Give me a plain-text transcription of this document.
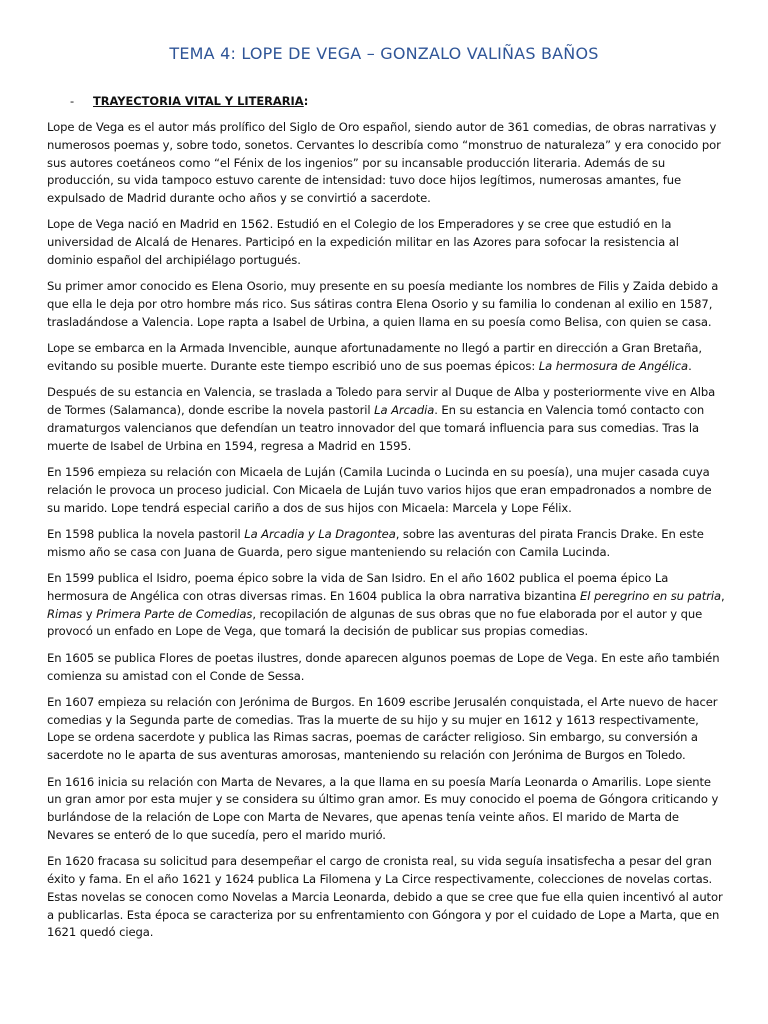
TEMA 4: LOPE DE VEGA – GONZALO VALIÑAS BAÑOS
- TRAYECTORIA VITAL Y LITERARIA:

Lope de Vega es el autor más prolífico del Siglo de Oro español, siendo autor de 361 comedias, de obras narrativas y numerosos poemas y, sobre todo, sonetos. Cervantes lo describía como “monstruo de naturaleza” y era conocido por sus autores coetáneos como “el Fénix de los ingenios” por su incansable producción literaria. Además de su producción, su vida tampoco estuvo carente de intensidad: tuvo doce hijos legítimos, numerosas amantes, fue expulsado de Madrid durante ocho años y se convirtió a sacerdote.

Lope de Vega nació en Madrid en 1562. Estudió en el Colegio de los Emperadores y se cree que estudió en la universidad de Alcalá de Henares. Participó en la expedición militar en las Azores para sofocar la resistencia al dominio español del archipiélago portugués.

Su primer amor conocido es Elena Osorio, muy presente en su poesía mediante los nombres de Filis y Zaida debido a que ella le deja por otro hombre más rico. Sus sátiras contra Elena Osorio y su familia lo condenan al exilio en 1587, trasladándose a Valencia. Lope rapta a Isabel de Urbina, a quien llama en su poesía como Belisa, con quien se casa.

Lope se embarca en la Armada Invencible, aunque afortunadamente no llegó a partir en dirección a Gran Bretaña, evitando su posible muerte. Durante este tiempo escribió uno de sus poemas épicos: La hermosura de Angélica.

Después de su estancia en Valencia, se traslada a Toledo para servir al Duque de Alba y posteriormente vive en Alba de Tormes (Salamanca), donde escribe la novela pastoril La Arcadia. En su estancia en Valencia tomó contacto con dramaturgos valencianos que defendían un teatro innovador del que tomará influencia para sus comedias. Tras la muerte de Isabel de Urbina en 1594, regresa a Madrid en 1595.

En 1596 empieza su relación con Micaela de Luján (Camila Lucinda o Lucinda en su poesía), una mujer casada cuya relación le provoca un proceso judicial. Con Micaela de Luján tuvo varios hijos que eran empadronados a nombre de su marido. Lope tendrá especial cariño a dos de sus hijos con Micaela: Marcela y Lope Félix.

En 1598 publica la novela pastoril La Arcadia y La Dragontea, sobre las aventuras del pirata Francis Drake. En este mismo año se casa con Juana de Guarda, pero sigue manteniendo su relación con Camila Lucinda.

En 1599 publica el Isidro, poema épico sobre la vida de San Isidro. En el año 1602 publica el poema épico La hermosura de Angélica con otras diversas rimas. En 1604 publica la obra narrativa bizantina El peregrino en su patria, Rimas y Primera Parte de Comedias, recopilación de algunas de sus obras que no fue elaborada por el autor y que provocó un enfado en Lope de Vega, que tomará la decisión de publicar sus propias comedias.

En 1605 se publica Flores de poetas ilustres, donde aparecen algunos poemas de Lope de Vega. En este año también comienza su amistad con el Conde de Sessa.

En 1607 empieza su relación con Jerónima de Burgos. En 1609 escribe Jerusalén conquistada, el Arte nuevo de hacer comedias y la Segunda parte de comedias. Tras la muerte de su hijo y su mujer en 1612 y 1613 respectivamente, Lope se ordena sacerdote y publica las Rimas sacras, poemas de carácter religioso. Sin embargo, su conversión a sacerdote no le aparta de sus aventuras amorosas, manteniendo su relación con Jerónima de Burgos en Toledo.

En 1616 inicia su relación con Marta de Nevares, a la que llama en su poesía María Leonarda o Amarilis. Lope siente un gran amor por esta mujer y se considera su último gran amor. Es muy conocido el poema de Góngora criticando y burlándose de la relación de Lope con Marta de Nevares, que apenas tenía veinte años. El marido de Marta de Nevares se enteró de lo que sucedía, pero el marido murió.

En 1620 fracasa su solicitud para desempeñar el cargo de cronista real, su vida seguía insatisfecha a pesar del gran éxito y fama. En el año 1621 y 1624 publica La Filomena y La Circe respectivamente, colecciones de novelas cortas. Estas novelas se conocen como Novelas a Marcia Leonarda, debido a que se cree que fue ella quien incentivó al autor a publicarlas. Esta época se caracteriza por su enfrentamiento con Góngora y por el cuidado de Lope a Marta, que en 1621 quedó ciega.
